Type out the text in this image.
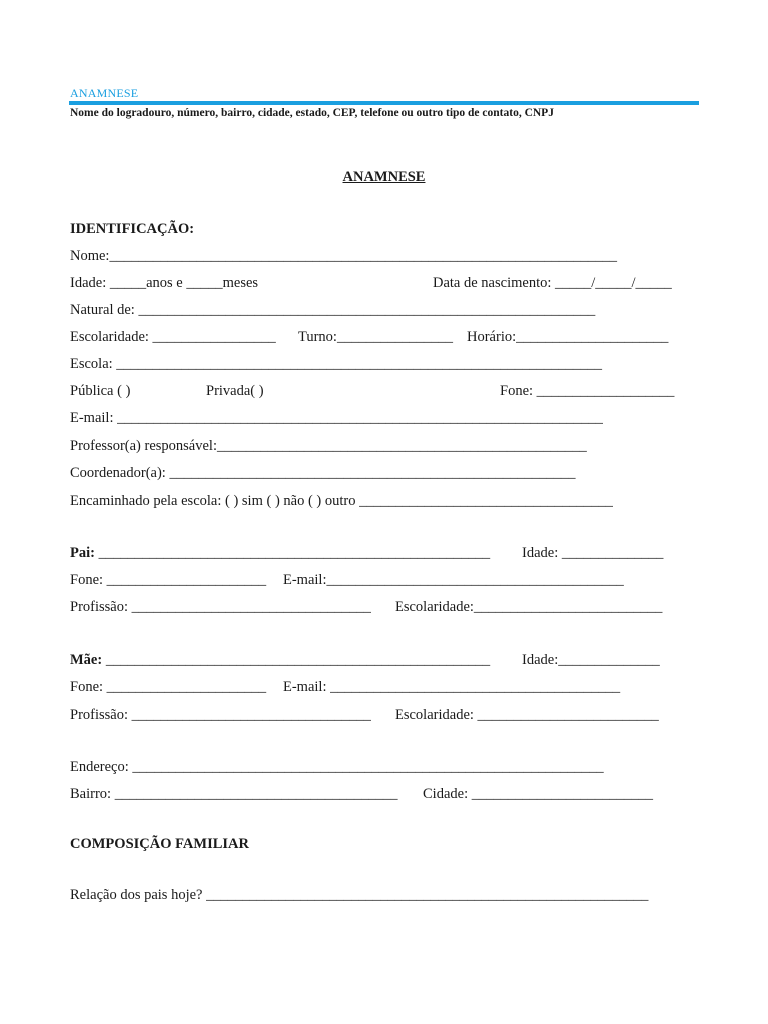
ANAMNESE
Nome do logradouro, número, bairro, cidade, estado, CEP, telefone ou outro tipo de contato, CNPJ
ANAMNESE
IDENTIFICAÇÃO:
Nome:______________________________________________________________________
Idade: _____anos e _____meses	Data de nascimento: _____/_____/_____
Natural de: _______________________________________________________________
Escolaridade: _________________ Turno:________________ Horário:_____________________
Escola: ___________________________________________________________________
Pública ( )	Privada( )	Fone: ___________________
E-mail: ___________________________________________________________________
Professor(a) responsável:___________________________________________________
Coordenador(a): ________________________________________________________
Encaminhado pela escola: ( ) sim ( ) não ( ) outro ___________________________________
Pai: ______________________________________________________ Idade: ______________
Fone: ______________________ E-mail:_________________________________________
Profissão: _________________________________ Escolaridade:__________________________
Mãe: _____________________________________________________ Idade:______________
Fone: ______________________ E-mail: ________________________________________
Profissão: _________________________________ Escolaridade: _________________________
Endereço: _________________________________________________________________
Bairro: _______________________________________ Cidade: _________________________
COMPOSIÇÃO FAMILIAR
Relação dos pais hoje? _____________________________________________________________
